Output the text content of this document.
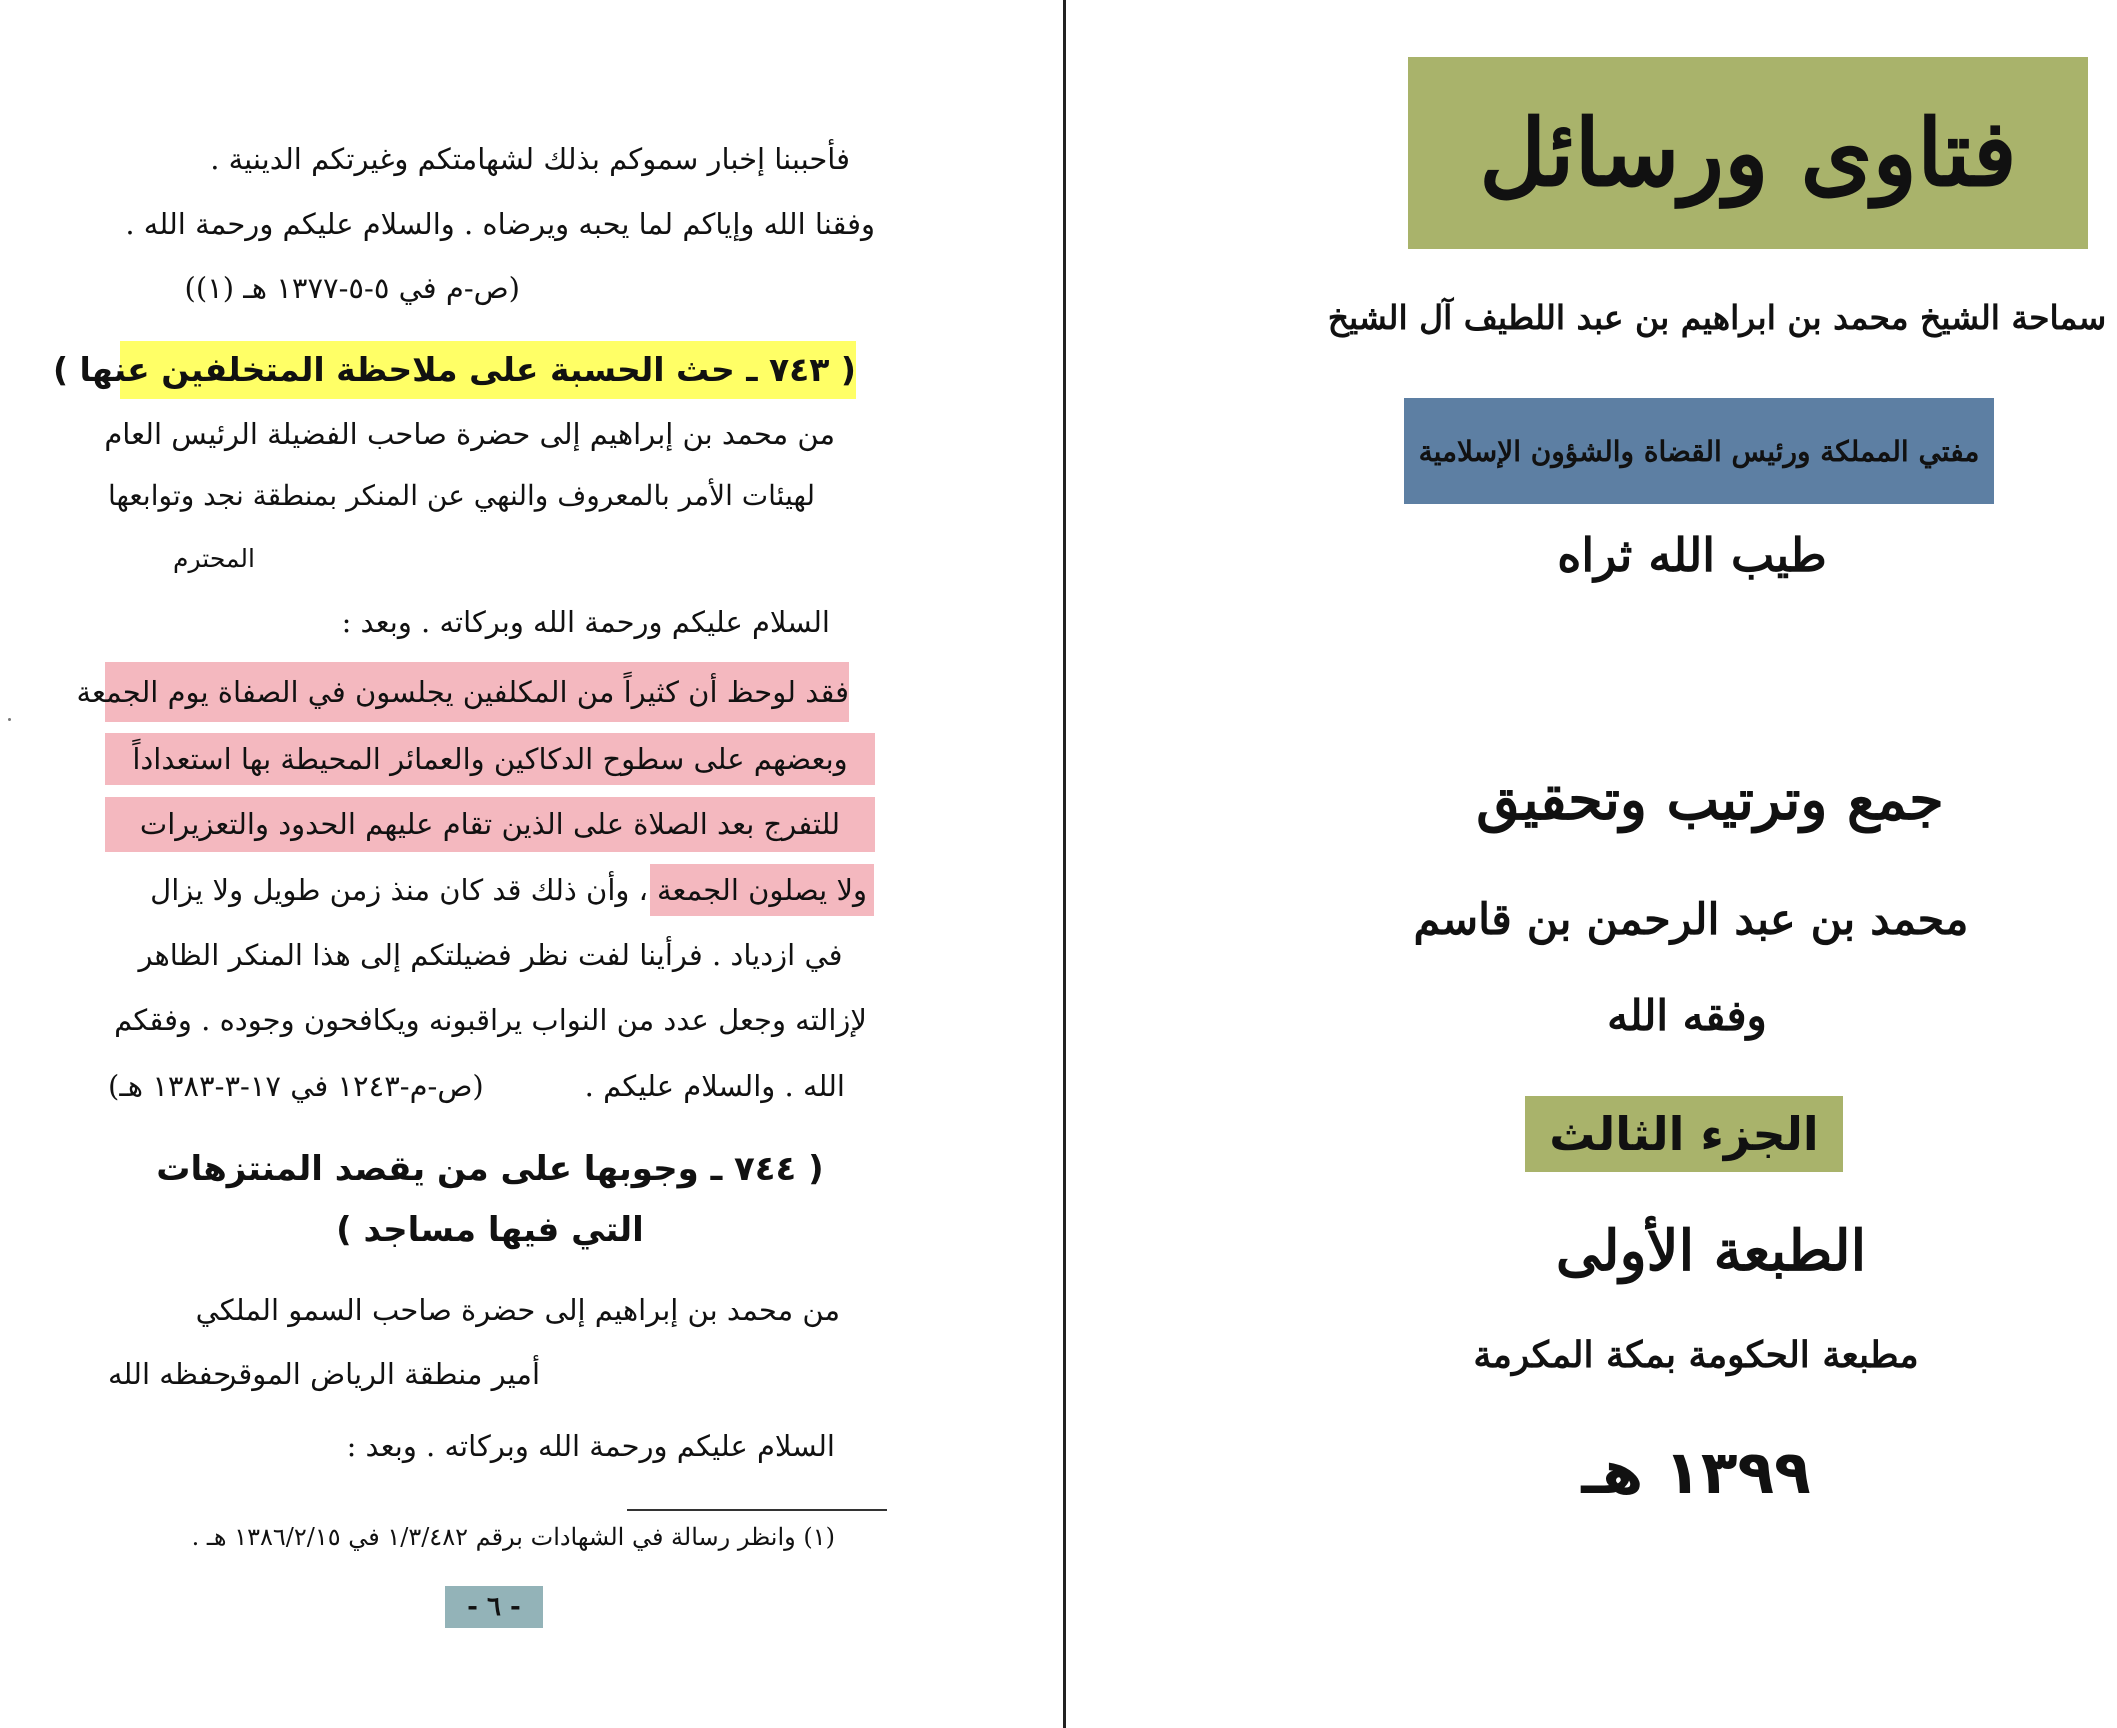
فأحببنا إخبار سموكم بذلك لشهامتكم وغيرتكم الدينية .
وفقنا الله وإياكم لما يحبه ويرضاه . والسلام عليكم ورحمة الله .
(ص-م في ٥-٥-١٣٧٧ هـ (١))
( ٧٤٣ ـ حث الحسبة على ملاحظة المتخلفين عنها )
من محمد بن إبراهيم إلى حضرة صاحب الفضيلة الرئيس العام
لهيئات الأمر بالمعروف والنهي عن المنكر بمنطقة نجد وتوابعها
المحترم
السلام عليكم ورحمة الله وبركاته . وبعد :
فقد لوحظ أن كثيراً من المكلفين يجلسون في الصفاة يوم الجمعة
وبعضهم على سطوح الدكاكين والعمائر المحيطة بها استعداداً
للتفرج بعد الصلاة على الذين تقام عليهم الحدود والتعزيرات
ولا يصلون الجمعة
، وأن ذلك قد كان منذ زمن طويل ولا يزال
في ازدياد . فرأينا لفت نظر فضيلتكم إلى هذا المنكر الظاهر
لإزالته وجعل عدد من النواب يراقبونه ويكافحون وجوده . وفقكم
الله . والسلام عليكم .
(ص-م-١٢٤٣ في ١٧-٣-١٣٨٣ هـ)
( ٧٤٤ ـ وجوبها على من يقصد المنتزهات
التي فيها مساجد )
من محمد بن إبراهيم إلى حضرة صاحب السمو الملكي
أمير منطقة الرياض الموقر
حفظه الله
السلام عليكم ورحمة الله وبركاته . وبعد :
(١) وانظر رسالة في الشهادات برقم ١/٣/٤٨٢ في ١٣٨٦/٢/١٥ هـ .
- ٦ -
فتاوى ورسائل
سماحة الشيخ محمد بن ابراهيم بن عبد اللطيف آل الشيخ
مفتي المملكة ورئيس القضاة والشؤون الإسلامية
طيب الله ثراه
جمع وترتيب وتحقيق
محمد بن عبد الرحمن بن قاسم
وفقه الله
الجزء الثالث
الطبعة الأولى
مطبعة الحكومة بمكة المكرمة
١٣٩٩ هـ
